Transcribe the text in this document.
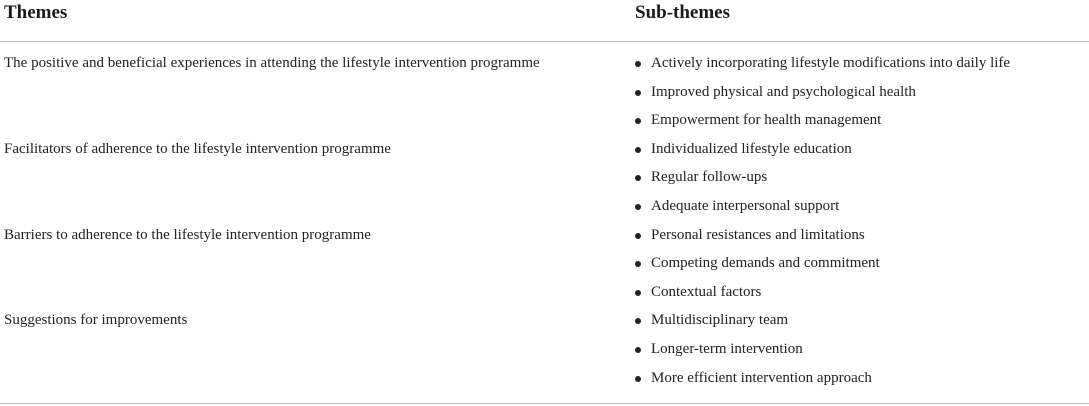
Themes	Sub-themes
The positive and beneficial experiences in attending the lifestyle intervention programme	Actively incorporating lifestyle modifications into daily life
Improved physical and psychological health
Empowerment for health management
Facilitators of adherence to the lifestyle intervention programme	Individualized lifestyle education
Regular follow-ups
Adequate interpersonal support
Barriers to adherence to the lifestyle intervention programme	Personal resistances and limitations
Competing demands and commitment
Contextual factors
Suggestions for improvements	Multidisciplinary team
Longer-term intervention
More efficient intervention approach
